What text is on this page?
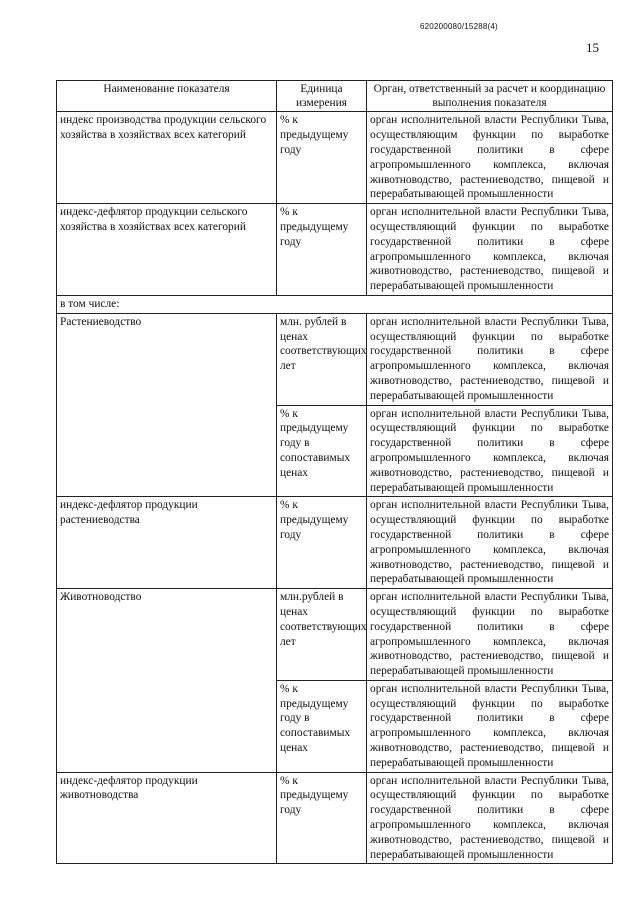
620200080/15288(4)
15
Наименование показателя	Единица измерения	Орган, ответственный за расчет и координацию выполнения показателя
индекс производства продукции сельского хозяйства в хозяйствах всех категорий	% к предыдущему году	орган исполнительной власти Республики Тыва, осуществляющим функции по выработке государственной политики в сфере агропромышленного комплекса, включая животноводство, растениеводство, пищевой и перерабатывающей промышленности
индекс-дефлятор продукции сельского хозяйства в хозяйствах всех категорий	% к предыдущему году	орган исполнительной власти Республики Тыва, осуществляющий функции по выработке государственной политики в сфере агропромышленного комплекса, включая животноводство, растениеводство, пищевой и перерабатывающей промышленности
в том числе:		
Растениеводство	млн. рублей в ценах соответствующих лет	орган исполнительной власти Республики Тыва, осуществляющий функции по выработке государственной политики в сфере агропромышленного комплекса, включая животноводство, растениеводство, пищевой и перерабатывающей промышленности
	% к предыдущему году в сопоставимых ценах	орган исполнительной власти Республики Тыва, осуществляющий функции по выработке государственной политики в сфере агропромышленного комплекса, включая животноводство, растениеводство, пищевой и перерабатывающей промышленности
индекс-дефлятор продукции растениеводства	% к предыдущему году	орган исполнительной власти Республики Тыва, осуществляющий функции по выработке государственной политики в сфере агропромышленного комплекса, включая животноводство, растениеводство, пищевой и перерабатывающей промышленности
Животноводство	млн.рублей в ценах соответствующих лет	орган исполнительной власти Республики Тыва, осуществляющий функции по выработке государственной политики в сфере агропромышленного комплекса, включая животноводство, растениеводство, пищевой и перерабатывающей промышленности
	% к предыдущему году в сопоставимых ценах	орган исполнительной власти Республики Тыва, осуществляющий функции по выработке государственной политики в сфере агропромышленного комплекса, включая животноводство, растениеводство, пищевой и перерабатывающей промышленности
индекс-дефлятор продукции животноводства	% к предыдущему году	орган исполнительной власти Республики Тыва, осуществляющий функции по выработке государственной политики в сфере агропромышленного комплекса, включая животноводство, растениеводство, пищевой и перерабатывающей промышленности
